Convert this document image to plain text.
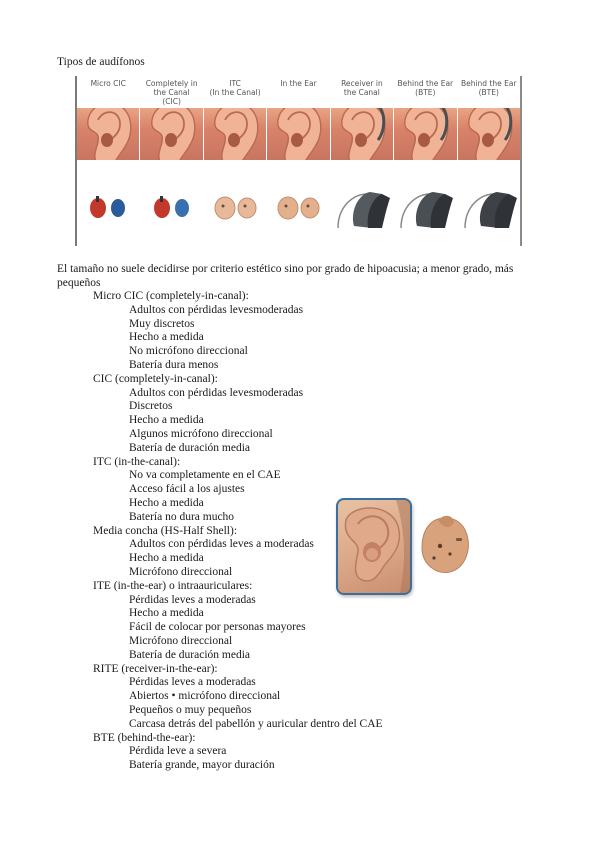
Tipos de audífonos
Micro CIC	Completely in
the Canal
(CIC)
ITC
(In the Canal)
In the Ear	Receiver in
the Canal
Behind the Ear
(BTE)
Behind the Ear
(BTE)
El tamaño no suele decidirse por criterio estético sino por grado de hipoacusia; a menor grado, más pequeños
Micro CIC (completely-in-canal):
Adultos con pérdidas levesmoderadas
Muy discretos
Hecho a medida
No micrófono direccional
Batería dura menos
CIC (completely-in-canal):
Adultos con pérdidas levesmoderadas
Discretos
Hecho a medida
Algunos micrófono direccional
Batería de duración media
ITC (in-the-canal):
No va completamente en el CAE
Acceso fácil a los ajustes
Hecho a medida
Batería no dura mucho
Media concha (HS-Half Shell):
Adultos con pérdidas leves a moderadas
Hecho a medida
Micrófono direccional
ITE (in-the-ear) o intraauriculares:
Pérdidas leves a moderadas
Hecho a medida
Fácil de colocar por personas mayores
Micrófono direccional
Batería de duración media
RITE (receiver-in-the-ear):
Pérdidas leves a moderadas
Abiertos • micrófono direccional
Pequeños o muy pequeños
Carcasa detrás del pabellón y auricular dentro del CAE
BTE (behind-the-ear):
Pérdida leve a severa
Batería grande, mayor duración
